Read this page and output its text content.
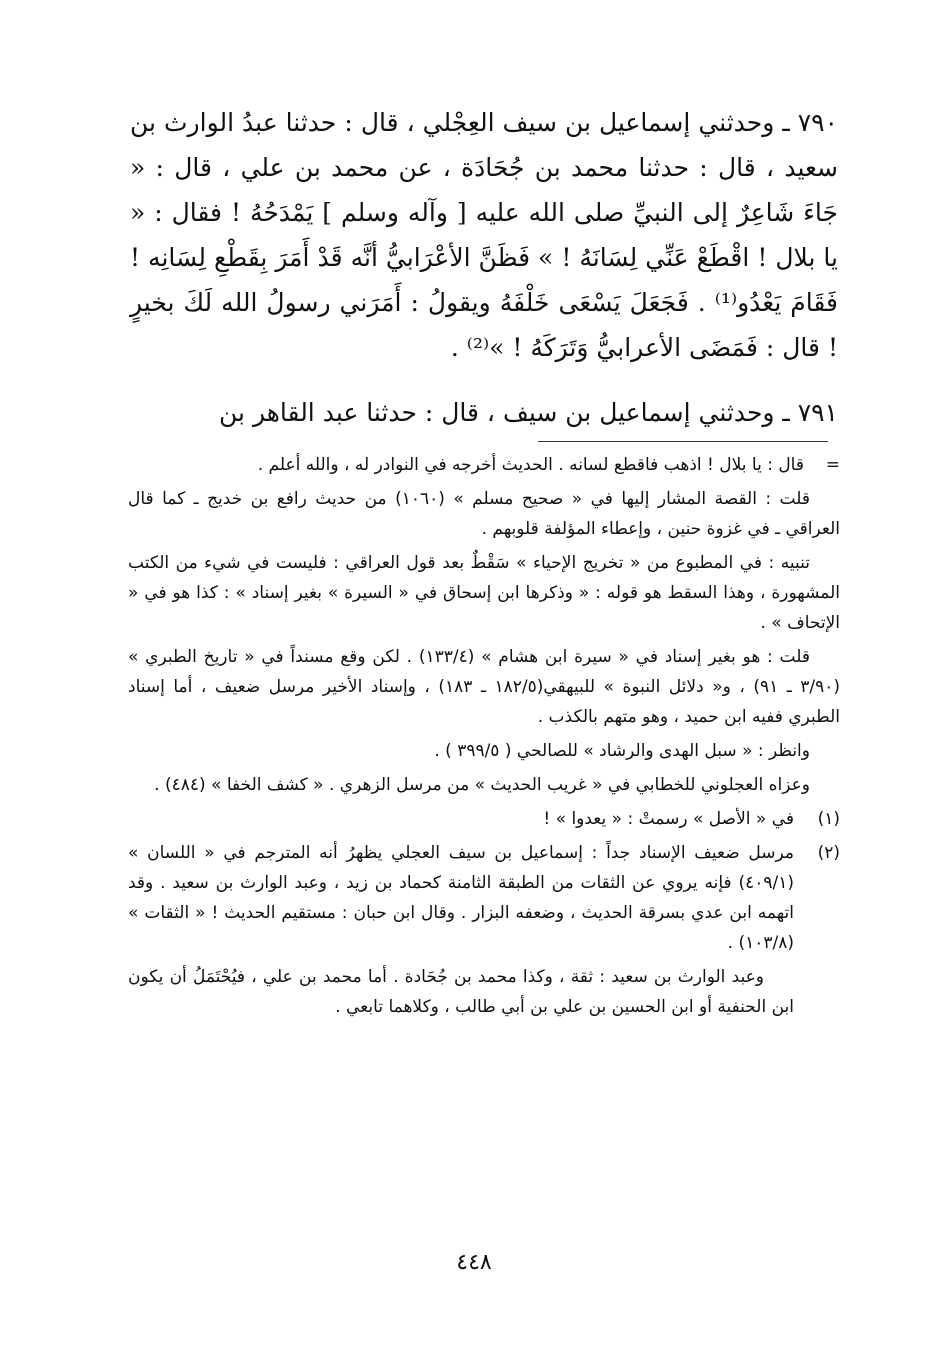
٧٩٠ ـ وحدثني إسماعيل بن سيف العِجْلي ، قال : حدثنا عبدُ الوارث بن سعيد ، قال : حدثنا محمد بن جُحَادَة ، عن محمد بن علي ، قال : « جَاءَ شَاعِرٌ إلى النبيِّ صلى الله عليه [ وآله وسلم ] يَمْدَحُهُ ! فقال : « يا بلال ! اقْطَعْ عَنِّي لِسَانَهُ ! » فَظَنَّ الأعْرَابيُّ أنَّه قَدْ أَمَرَ بِقَطْعِ لِسَانِه ! فَقَامَ يَعْدُو⁽¹⁾ . فَجَعَلَ يَسْعَى خَلْفَهُ ويقولُ : أَمَرَني رسولُ الله لَكَ بخيرٍ ! قال : فَمَضَى الأعرابيُّ وَتَرَكَهُ ! »⁽²⁾ .

٧٩١ ـ وحدثني إسماعيل بن سيف ، قال : حدثنا عبد القاهر بن

=
قال : يا بلال ! اذهب فاقطع لسانه . الحديث أخرجه في النوادر له ، والله أعلم .

قلت : القصة المشار إليها في « صحيح مسلم » (١٠٦٠) من حديث رافع بن خديج ـ كما قال العراقي ـ في غزوة حنين ، وإعطاء المؤلفة قلوبهم .

تنبيه : في المطبوع من « تخريج الإحياء » سَقْطٌ بعد قول العراقي : فليست في شيء من الكتب المشهورة ، وهذا السقط هو قوله : « وذكرها ابن إسحاق في « السيرة » بغير إسناد » : كذا هو في « الإتحاف » .

قلت : هو بغير إسناد في « سيرة ابن هشام » (١٣٣/٤) . لكن وقع مسنداً في « تاريخ الطبري » (٣/٩٠ ـ ٩١) ، و« دلائل النبوة » للبيهقي(١٨٢/٥ ـ ١٨٣) ، وإسناد الأخير مرسل ضعيف ، أما إسناد الطبري ففيه ابن حميد ، وهو متهم بالكذب .

وانظر : « سبل الهدى والرشاد » للصالحي ( ٣٩٩/٥ ) .

وعزاه العجلوني للخطابي في « غريب الحديث » من مرسل الزهري . « كشف الخفا » (٤٨٤) .

(١)
في « الأصل » رسمتْ : « يعدوا » !

(٢)
مرسل ضعيف الإسناد جداً : إسماعيل بن سيف العجلي يظهرُ أنه المترجم في « اللسان » (٤٠٩/١) فإنه يروي عن الثقات من الطبقة الثامنة كحماد بن زيد ، وعبد الوارث بن سعيد . وقد اتهمه ابن عدي بسرقة الحديث ، وضعفه البزار . وقال ابن حبان : مستقيم الحديث ! « الثقات » (١٠٣/٨) .

وعبد الوارث بن سعيد : ثقة ، وكذا محمد بن جُحَادة . أما محمد بن علي ، فيُحْتَمَلُ أن يكون ابن الحنفية أو ابن الحسين بن علي بن أبي طالب ، وكلاهما تابعي .

٤٤٨
